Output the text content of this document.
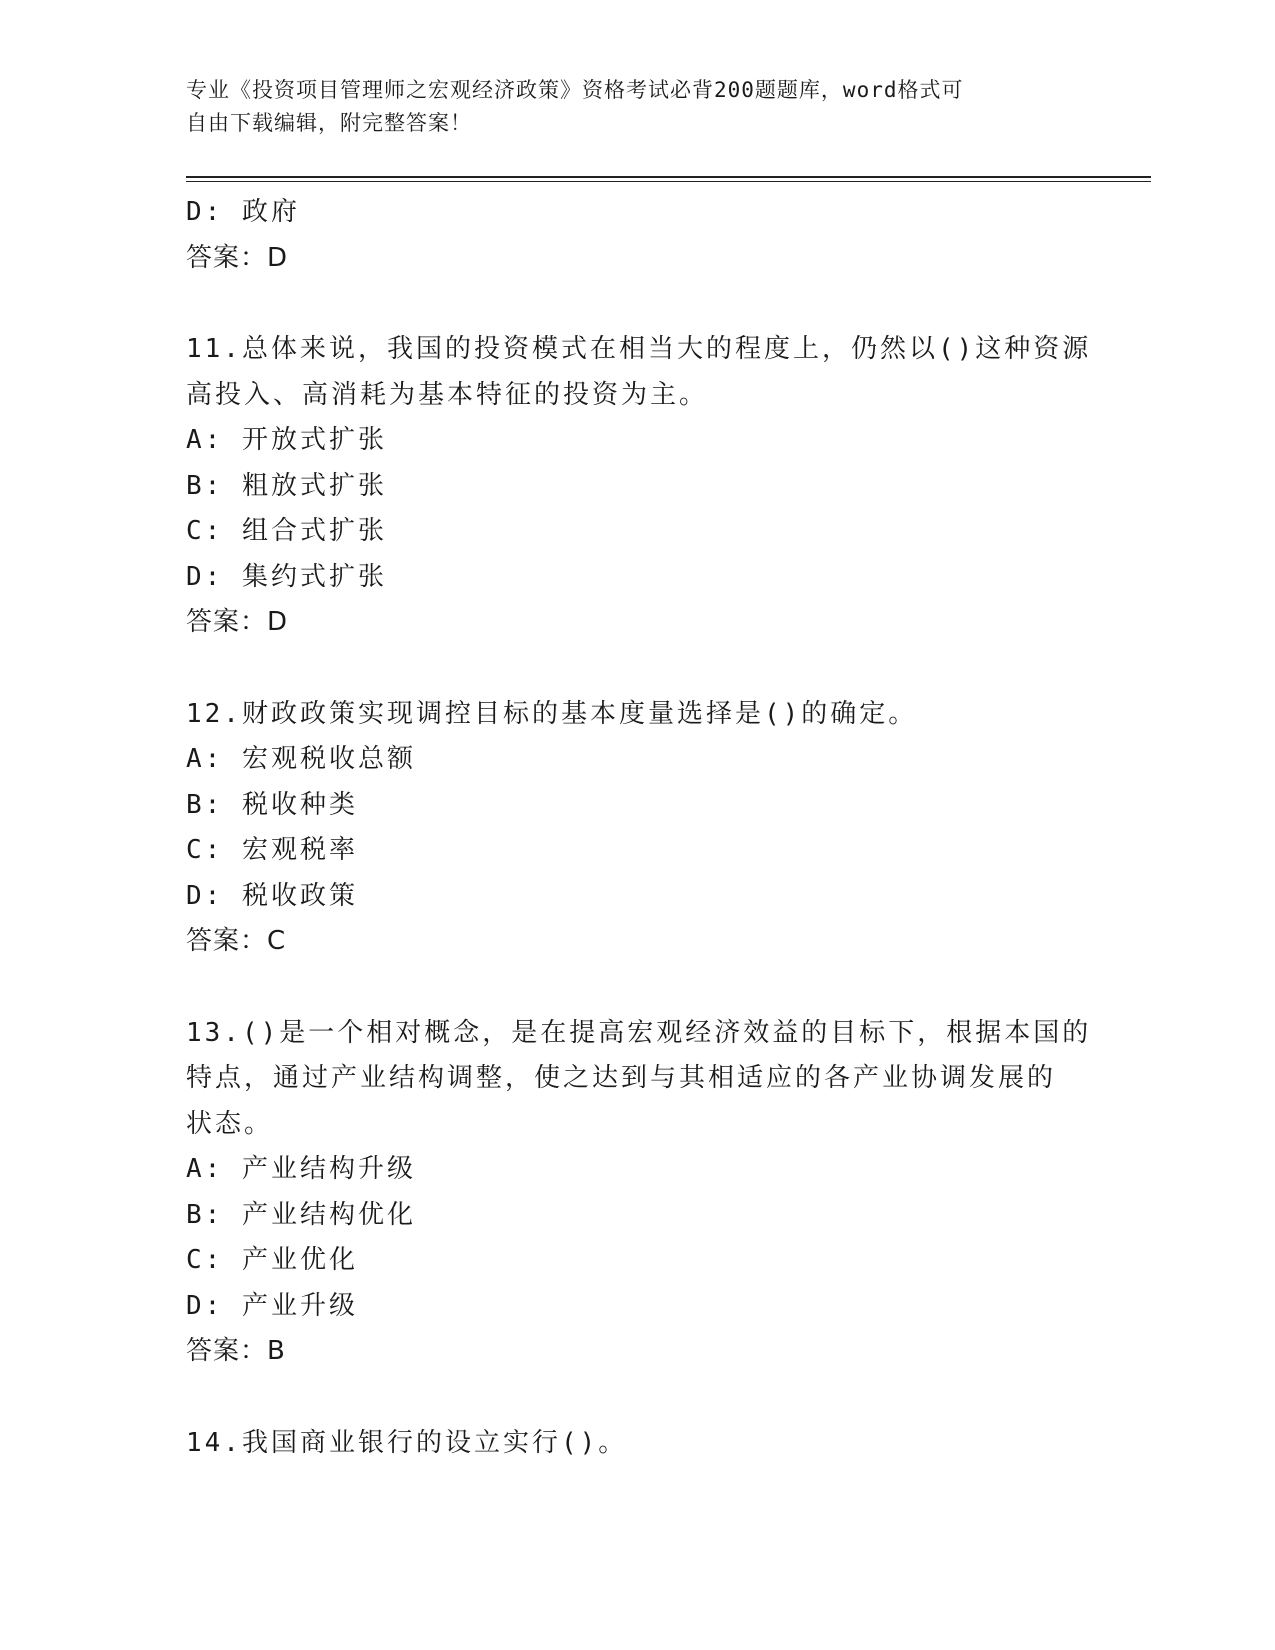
专业《投资项目管理师之宏观经济政策》资格考试必背200题题库，word格式可
自由下载编辑，附完整答案！
D: 政府
答案：D
11.总体来说，我国的投资模式在相当大的程度上，仍然以()这种资源
高投入、高消耗为基本特征的投资为主。
A: 开放式扩张
B: 粗放式扩张
C: 组合式扩张
D: 集约式扩张
答案：D
12.财政政策实现调控目标的基本度量选择是()的确定。
A: 宏观税收总额
B: 税收种类
C: 宏观税率
D: 税收政策
答案：C
13.()是一个相对概念，是在提高宏观经济效益的目标下，根据本国的
特点，通过产业结构调整，使之达到与其相适应的各产业协调发展的
状态。
A: 产业结构升级
B: 产业结构优化
C: 产业优化
D: 产业升级
答案：B
14.我国商业银行的设立实行()。
